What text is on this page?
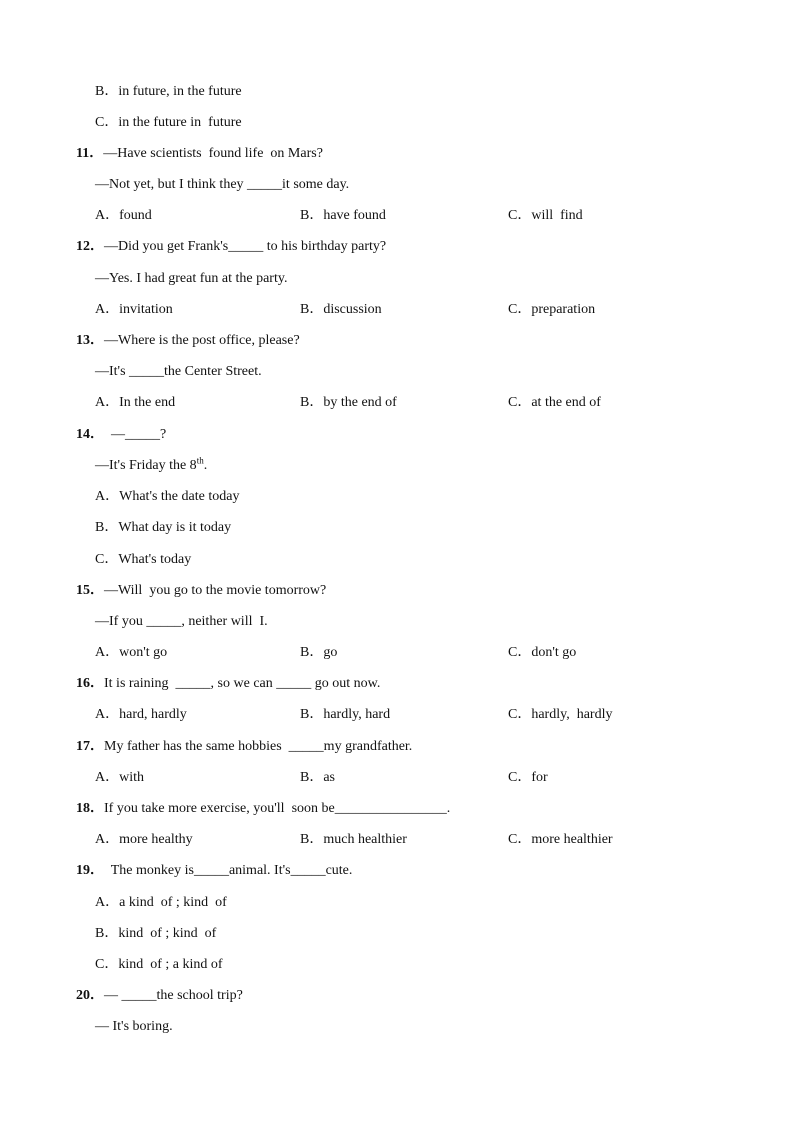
B．in future, in the future
C．in the future in  future
11．—Have scientists  found life  on Mars?
—Not yet, but I think they _____it some day.
A．found	B．have found	C．will  find
12．—Did you get Frank's_____ to his birthday party?
—Yes. I had great fun at the party.
A．invitation	B．discussion	C．preparation
13．—Where is the post office, please?
—It's _____the Center Street.
A．In the end	B．by the end of	C．at the end of
14．  —_____?
—It's Friday the 8th.
A．What's the date today
B．What day is it today
C．What's today
15．—Will  you go to the movie tomorrow?
—If you _____, neither will  I.
A．won't go	B．go	C．don't go
16．It is raining  _____, so we can _____ go out now.
A．hard, hardly	B．hardly, hard	C．hardly,  hardly
17．My father has the same hobbies  _____my grandfather.
A．with	B．as	C．for
18．If you take more exercise, you'll  soon be________________.
A．more healthy	B．much healthier	C．more healthier
19．  The monkey is_____animal. It's_____cute.
A．a kind  of ; kind  of
B．kind  of ; kind  of
C．kind  of ; a kind of
20．— _____the school trip?
— It's boring.
